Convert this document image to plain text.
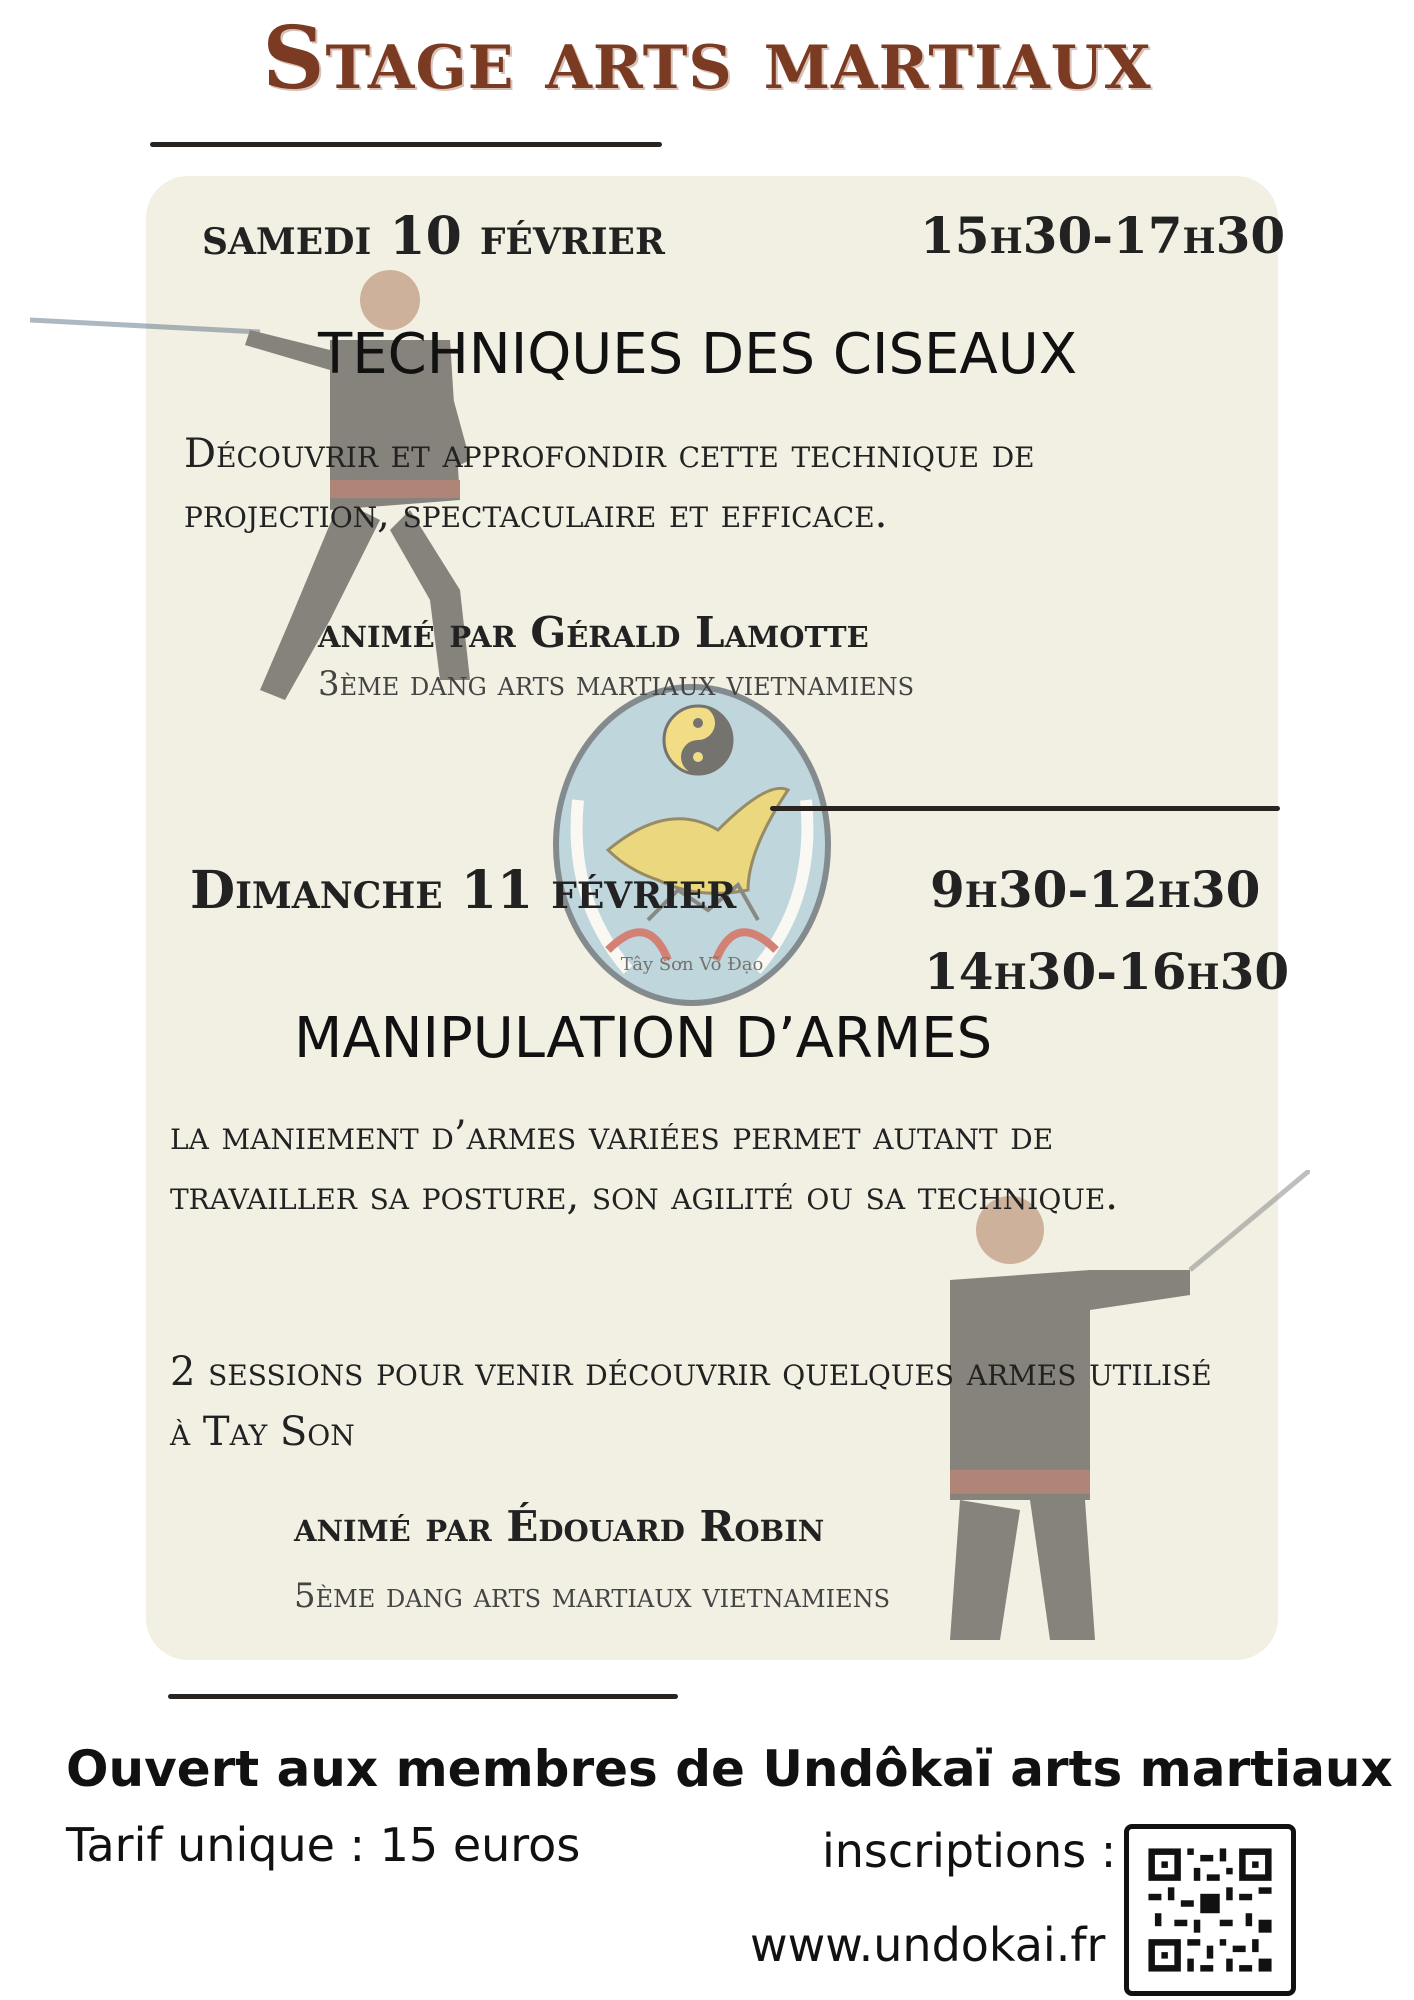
Stage arts martiaux
Tây Sơn Võ Đạo
samedi 10 février	15h30-17h30
TECHNIQUES DES CISEAUX
Découvrir et approfondir cette technique de projection, spectaculaire et efficace.
animé par Gérald Lamotte
3ème dang arts martiaux vietnamiens
Dimanche 11 février	9h30-12h30
14h30-16h30
MANIPULATION D’ARMES
la maniement d’armes variées permet autant de travailler sa posture, son agilité ou sa technique.
2 sessions pour venir découvrir quelques armes utilisé à Tay Son
animé par Édouard Robin
5ème dang arts martiaux vietnamiens
Ouvert aux membres de Undôkaï arts martiaux
Tarif unique : 15 euros	inscriptions :
www.undokai.fr
